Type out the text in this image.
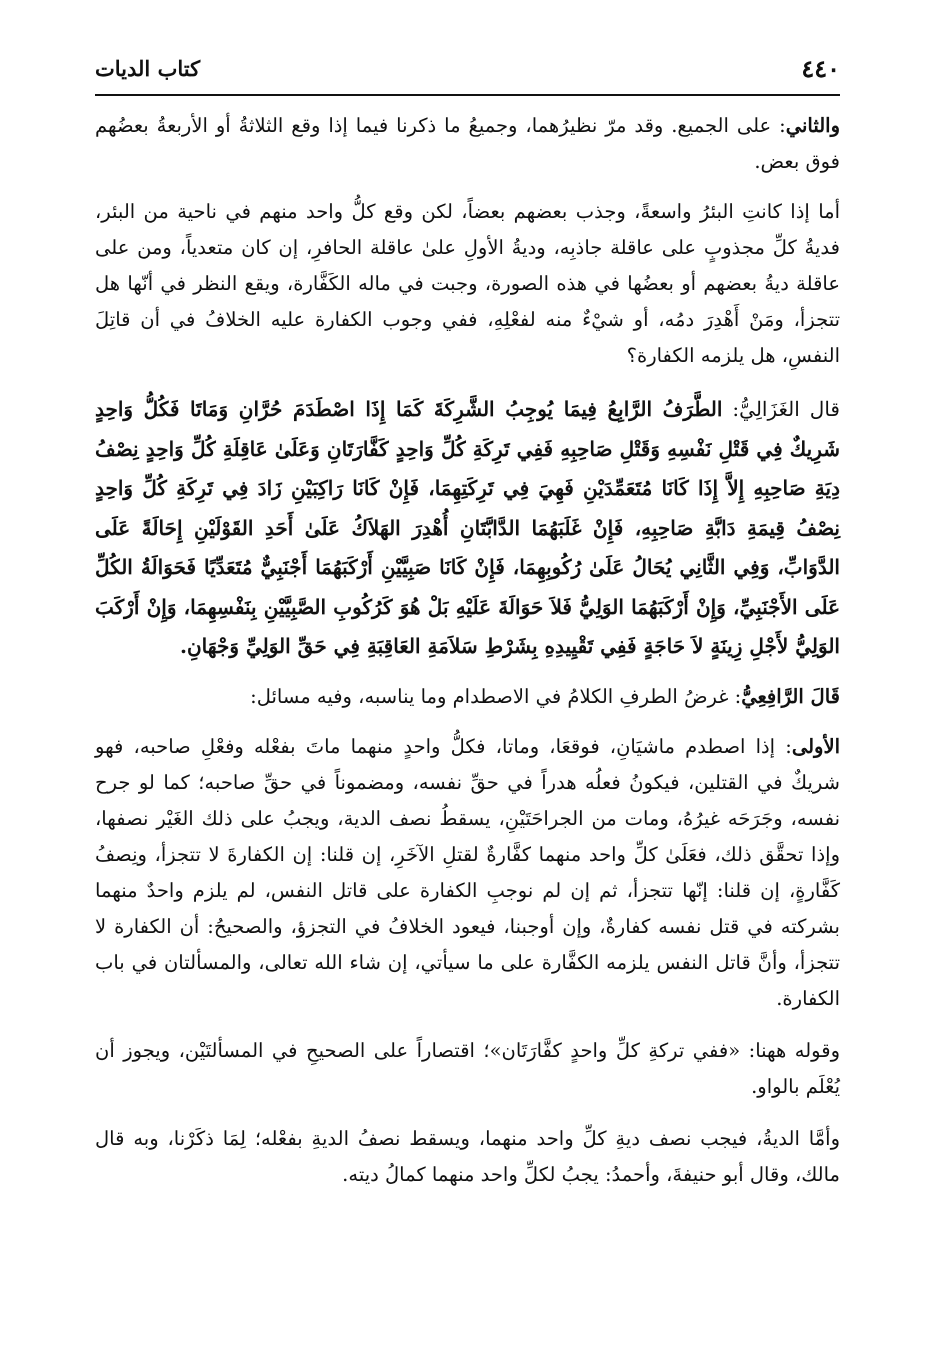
كتاب الديات	٤٤٠

والثاني: على الجميع. وقد مرّ نظيرُهما، وجميعُ ما ذكرنا فيما إذا وقع الثلاثةُ أو الأربعةُ بعضُهم فوق بعض.

أما إذا كانتِ البئرُ واسعةً، وجذب بعضهم بعضاً، لكن وقع كلُّ واحد منهم في ناحية من البئر، فديةُ كلِّ مجذوبٍ على عاقلة جاذبِه، وديةُ الأولِ علىٰ عاقلة الحافرِ، إن كان متعدياً، ومن على عاقلة ديةُ بعضهم أو بعضُها في هذه الصورة، وجبت في ماله الكَفَّارة، ويقع النظر في أنّها هل تتجزأ، ومَنْ أَهْدِرَ دمُه، أو شيْءٌ منه لفعْلِهِ، ففي وجوب الكفارة عليه الخلافُ في أن قاتِلَ النفسِ، هل يلزمه الكفارة؟

قال الغَزَالِيُّ: الطَّرَفُ الرَّابِعُ فِيمَا يُوجِبُ الشَّرِكَةَ كَمَا إِذَا اصْطَدَمَ حُرَّانِ وَمَاتَا فَكُلُّ وَاحِدٍ شَرِيكٌ فِي قَتْلِ نَفْسِهِ وَقَتْلِ صَاحِبِهِ فَفِي تَرِكَةِ كُلِّ وَاحِدٍ كَفَّارَتَانِ وَعَلَىٰ عَاقِلَةِ كُلِّ وَاحِدٍ نِصْفُ دِيَةِ صَاحِبِهِ إِلاَّ إِذَا كَانَا مُتَعَمِّدَيْنِ فَهِيَ فِي تَرِكَتِهِمَا، فَإِنْ كَانَا رَاكِبَيْنِ زَادَ فِي تَرِكَةِ كُلِّ وَاحِدٍ نِصْفُ قِيمَةِ دَابَّةِ صَاحِبِهِ، فَإِنْ غَلَبَهُمَا الدَّابَّتَانِ أُهْدِرَ الهَلاَكُ عَلَىٰ أَحَدِ القَوْلَيْنِ إِحَالَةً عَلَى الدَّوَابِّ، وَفِي الثَّانِي يُحَالُ عَلَىٰ رُكُوبِهِمَا، فَإِنْ كَانَا صَبِيَّيْنِ أَرْكَبَهُمَا أَجْنَبِيٌّ مُتَعَدِّيًا فَحَوَالَةُ الكُلِّ عَلَى الأَجْنَبِيِّ، وَإِنْ أَرْكَبَهُمَا الوَلِيُّ فَلاَ حَوَالَةَ عَلَيْهِ بَلْ هُوَ كَرُكُوبِ الصَّبِيَّيْنِ بِنَفْسِهِمَا، وَإِنْ أَرْكَبَ الوَلِيُّ لأَجْلِ زِينَةٍ لاَ حَاجَةٍ فَفِي تَقْيِيدِهِ بِشَرْطِ سَلاَمَةِ العَاقِبَةِ فِي حَقِّ الوَلِيِّ وَجْهَانِ.

قَالَ الرَّافِعِيُّ: غرضُ الطرفِ الكلامُ في الاصطدام وما يناسبه، وفيه مسائل:

الأولى: إذا اصطدم ماشيَانِ، فوقعَا، وماتا، فكلُّ واحدٍ منهما ماتَ بفعْله وفعْلِ صاحبه، فهو شريكٌ في القتلين، فيكونُ فعلُه هدراً في حقِّ نفسه، ومضموناً في حقِّ صاحبه؛ كما لو جرح نفسه، وجَرَحَه غيرُهُ، ومات من الجراحَتَيْنِ، يسقطُ نصف الدية، ويجبُ على ذلك الغَيْر نصفها، وإذا تحقَّق ذلك، فعَلَىٰ كلِّ واحد منهما كفَّارةٌ لقتلِ الآخَرِ، إن قلنا: إن الكفارةَ لا تتجزأ، ونِصفُ كَفَّارةٍ، إن قلنا: إنّها تتجزأ، ثم إن لم نوجبِ الكفارة على قاتل النفس، لم يلزم واحدٌ منهما بشركته في قتل نفسه كفارةٌ، وإن أوجبنا، فيعود الخلافُ في التجزؤ، والصحيحُ: أن الكفارة لا تتجزأ، وأنَّ قاتل النفس يلزمه الكفَّارة على ما سيأتي، إن شاء الله تعالى، والمسألتان في باب الكفارة.

وقوله ههنا: «ففي تركةِ كلِّ واحدٍ كفَّارَتَان»؛ اقتصاراً على الصحيحِ في المسألتَيْن، ويجوز أن يُعْلَم بالواو.

وأمَّا الديةُ، فيجب نصف ديةِ كلِّ واحد منهما، ويسقط نصفُ الديةِ بفعْله؛ لِمَا ذكَرْنا، وبه قال مالك، وقال أبو حنيفةَ، وأحمدُ: يجبُ لكلِّ واحد منهما كمالُ ديته.
